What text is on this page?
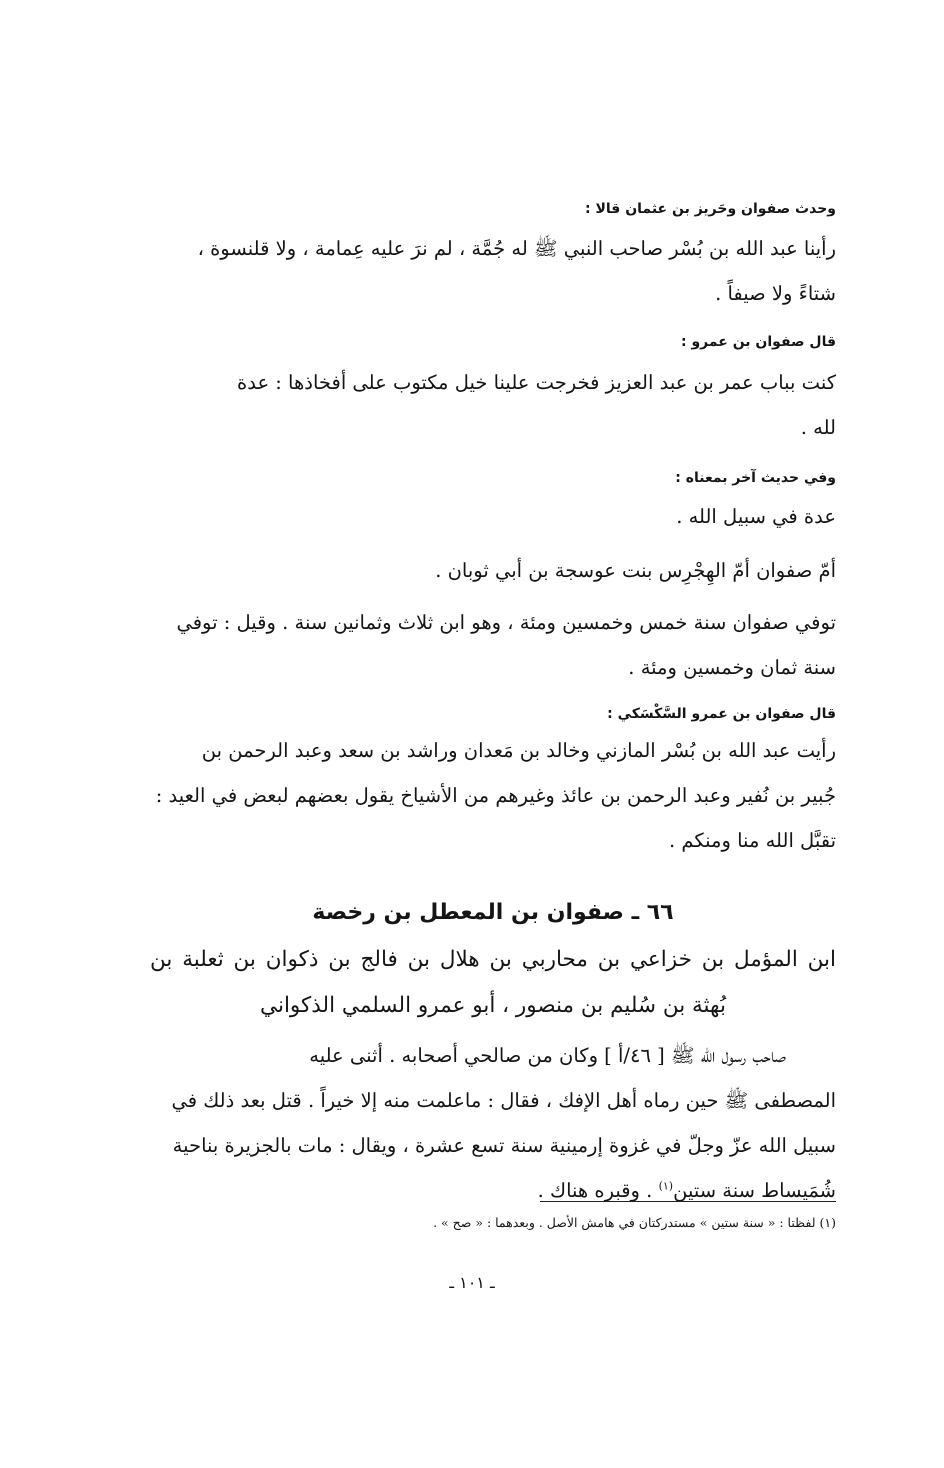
وحدث صفوان وحَريز بن عثمان قالا :
رأينا عبد الله بن بُسْر صاحب النبي ﷺ له جُمَّة ، لم نرَ عليه عِمامة ، ولا قلنسوة ،
شتاءً ولا صيفاً .
قال صفوان بن عمرو :
كنت بباب عمر بن عبد العزيز فخرجت علينا خيل مكتوب على أفخاذها : عدة
لله .
وفي حديث آخر بمعناه :
عدة في سبيل الله .
أمّ صفوان أمّ الهِجْرِس بنت عوسجة بن أبي ثوبان .
توفي صفوان سنة خمس وخمسين ومئة ، وهو ابن ثلاث وثمانين سنة . وقيل : توفي
سنة ثمان وخمسين ومئة .
قال صفوان بن عمرو السَّكْسَكي :
رأيت عبد الله بن بُسْر المازني وخالد بن مَعدان وراشد بن سعد وعبد الرحمن بن
جُبير بن نُفير وعبد الرحمن بن عائذ وغيرهم من الأشياخ يقول بعضهم لبعض في العيد :
تقبَّل الله منا ومنكم .
٦٦ ـ صفوان بن المعطل بن رخصة
ابن المؤمل بن خزاعي بن محاربي بن هلال بن فالج بن ذكوان بن ثعلبة بن
بُهثة بن سُليم بن منصور ، أبو عمرو السلمي الذكواني
صاحب رسول الله ﷺ [ ٤٦/أ ] وكان من صالحي أصحابه . أثنى عليه
المصطفى ﷺ حين رماه أهل الإفك ، فقال : ماعلمت منه إلا خيراً . قتل بعد ذلك في
سبيل الله عزّ وجلّ في غزوة إرمينية سنة تسع عشرة ، ويقال : مات بالجزيرة بناحية
شُمَيساط سنة ستين$^{(١)}$ . وقبره هناك .
(١) لفظتا : « سنة ستين » مستدركتان في هامش الأصل . وبعدهما : « صح » .
ـ ١٠١ ـ
